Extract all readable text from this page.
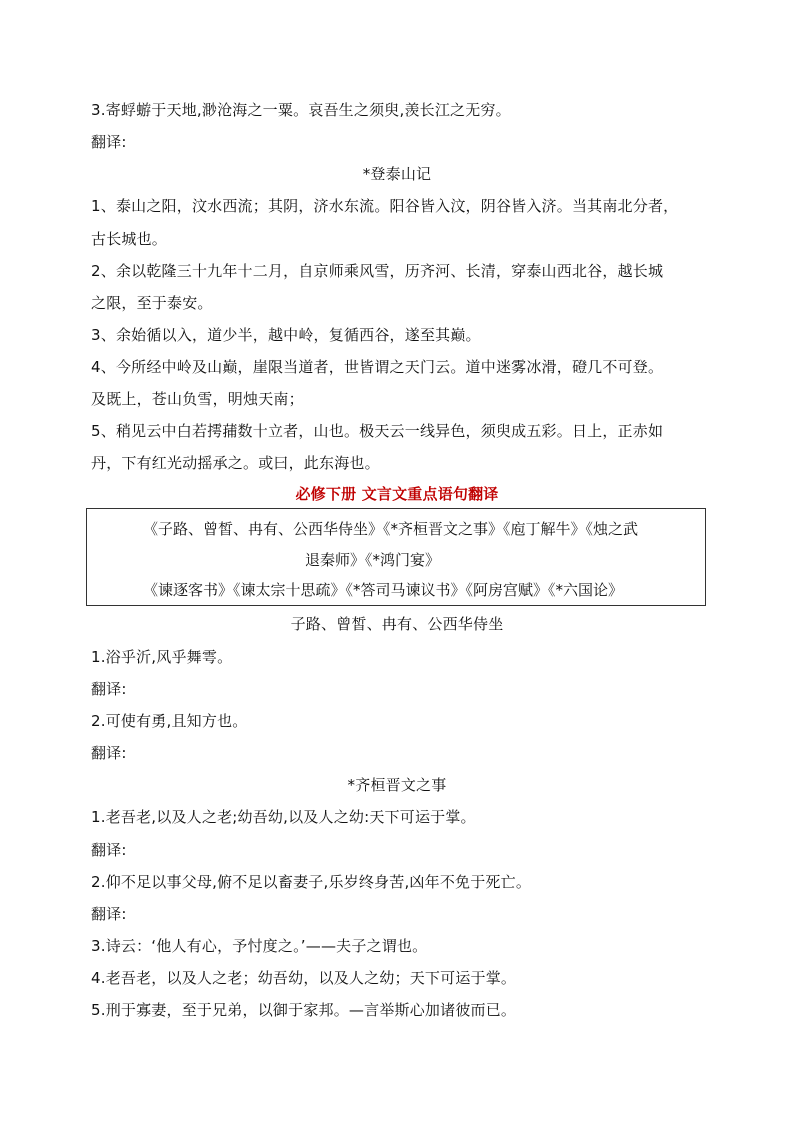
3.寄蜉蝣于天地,渺沧海之一粟。哀吾生之须臾,羡长江之无穷。
翻译:
*登泰山记
1、泰山之阳，汶水西流；其阴，济水东流。阳谷皆入汶，阴谷皆入济。当其南北分者，
古长城也。
2、余以乾隆三十九年十二月，自京师乘风雪，历齐河、长清，穿泰山西北谷，越长城
之限，至于泰安。
3、余始循以入，道少半，越中岭，复循西谷，遂至其巅。
4、今所经中岭及山巅，崖限当道者，世皆谓之天门云。道中迷雾冰滑，磴几不可登。
及既上，苍山负雪，明烛天南；
5、稍见云中白若摴蒱数十立者，山也。极天云一线异色，须臾成五彩。日上，正赤如
丹，下有红光动摇承之。或曰，此东海也。
必修下册 文言文重点语句翻译
《子路、曾皙、冉有、公西华侍坐》《*齐桓晋文之事》《庖丁解牛》《烛之武
退秦师》《*鸿门宴》
《谏逐客书》《谏太宗十思疏》《*答司马谏议书》《阿房宫赋》《*六国论》
子路、曾皙、冉有、公西华侍坐
1.浴乎沂,风乎舞雩。
翻译:
2.可使有勇,且知方也。
翻译:
*齐桓晋文之事
1.老吾老,以及人之老;幼吾幼,以及人之幼:天下可运于掌。
翻译:
2.仰不足以事父母,俯不足以畜妻子,乐岁终身苦,凶年不免于死亡。
翻译:
3.诗云：‘他人有心，予忖度之。’——夫子之谓也。
4.老吾老，以及人之老；幼吾幼，以及人之幼；天下可运于掌。
5.刑于寡妻，至于兄弟，以御于家邦。—言举斯心加诸彼而已。
